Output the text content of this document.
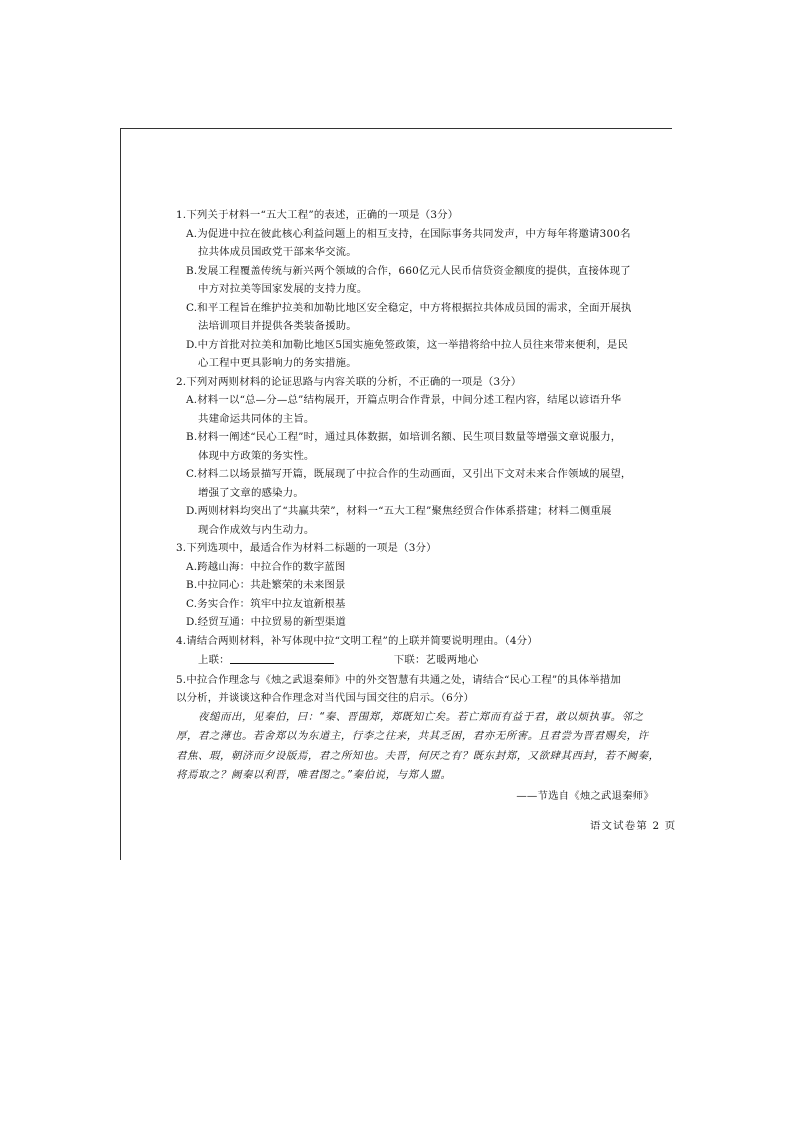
1.下列关于材料一“五大工程”的表述，正确的一项是（3分）
A.为促进中拉在彼此核心利益问题上的相互支持，在国际事务共同发声，中方每年将邀请300名
拉共体成员国政党干部来华交流。
B.发展工程覆盖传统与新兴两个领域的合作，660亿元人民币信贷资金额度的提供，直接体现了
中方对拉美等国家发展的支持力度。
C.和平工程旨在维护拉美和加勒比地区安全稳定，中方将根据拉共体成员国的需求，全面开展执
法培训项目并提供各类装备援助。
D.中方首批对拉美和加勒比地区5国实施免签政策，这一举措将给中拉人员往来带来便利，是民
心工程中更具影响力的务实措施。
2.下列对两则材料的论证思路与内容关联的分析，不正确的一项是（3分）
A.材料一以“总—分—总”结构展开，开篇点明合作背景，中间分述工程内容，结尾以谚语升华
共建命运共同体的主旨。
B.材料一阐述“民心工程”时，通过具体数据，如培训名额、民生项目数量等增强文章说服力，
体现中方政策的务实性。
C.材料二以场景描写开篇，既展现了中拉合作的生动画面，又引出下文对未来合作领域的展望，
增强了文章的感染力。
D.两则材料均突出了“共赢共荣”，材料一“五大工程”聚焦经贸合作体系搭建；材料二侧重展
现合作成效与内生动力。
3.下列选项中，最适合作为材料二标题的一项是（3分）
A.跨越山海：中拉合作的数字蓝图
B.中拉同心：共赴繁荣的未来图景
C.务实合作：筑牢中拉友谊新根基
D.经贸互通：中拉贸易的新型渠道
4.请结合两则材料，补写体现中拉“文明工程”的上联并简要说明理由。（4分）
上联：	下联：艺暖两地心
5.中拉合作理念与《烛之武退秦师》中的外交智慧有共通之处，请结合“民心工程”的具体举措加
以分析，并谈谈这种合作理念对当代国与国交往的启示。（6分）
夜缒而出，见秦伯，曰：“秦、晋围郑，郑既知亡矣。若亡郑而有益于君，敢以烦执事。邻之
厚，君之薄也。若舍郑以为东道主，行李之往来，共其乏困，君亦无所害。且君尝为晋君赐矣，许
君焦、瑕，朝济而夕设版焉，君之所知也。夫晋，何厌之有？既东封郑，又欲肆其西封，若不阙秦，
将焉取之？阙秦以利晋，唯君图之。”秦伯说，与郑人盟。
——节选自《烛之武退秦师》
语文试卷第 2 页
